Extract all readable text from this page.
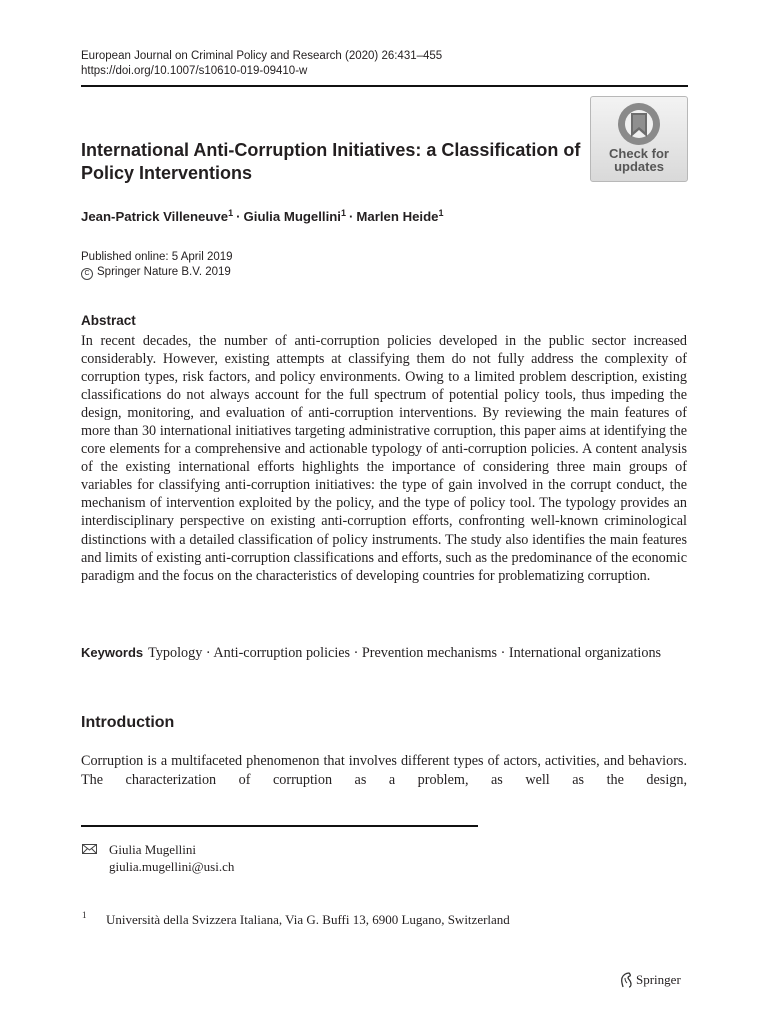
European Journal on Criminal Policy and Research (2020) 26:431–455
https://doi.org/10.1007/s10610-019-09410-w
Check for
updates
International Anti-Corruption Initiatives: a Classification of Policy Interventions
Jean-Patrick Villeneuve$^1$ · Giulia Mugellini$^1$ · Marlen Heide$^1$
Published online: 5 April 2019
C Springer Nature B.V. 2019
Abstract

In recent decades, the number of anti-corruption policies developed in the public sector increased considerably. However, existing attempts at classifying them do not fully address the complexity of corruption types, risk factors, and policy environments. Owing to a limited problem description, existing classifications do not always account for the full spectrum of potential policy tools, thus impeding the design, monitoring, and evaluation of anti-corruption interventions. By reviewing the main features of more than 30 international initiatives targeting administrative corruption, this paper aims at identifying the core elements for a comprehensive and actionable typology of anti-corruption policies. A content analysis of the existing international efforts highlights the importance of considering three main groups of variables for classifying anti-corruption initiatives: the type of gain involved in the corrupt conduct, the mechanism of intervention exploited by the policy, and the type of policy tool. The typology provides an interdisciplinary perspective on existing anti-corruption efforts, confronting well-known criminological distinctions with a detailed classification of policy instruments. The study also identifies the main features and limits of existing anti-corruption classifications and efforts, such as the predominance of the economic paradigm and the focus on the characteristics of developing countries for problematizing corruption.

Keywords Typology · Anti-corruption policies · Prevention mechanisms · International organizations
Introduction

Corruption is a multifaceted phenomenon that involves different types of actors, activities, and behaviors. The characterization of corruption as a problem, as well as the design,

Giulia Mugellini
giulia.mugellini@usi.ch
1 Università della Svizzera Italiana, Via G. Buffi 13, 6900 Lugano, Switzerland
Springer
